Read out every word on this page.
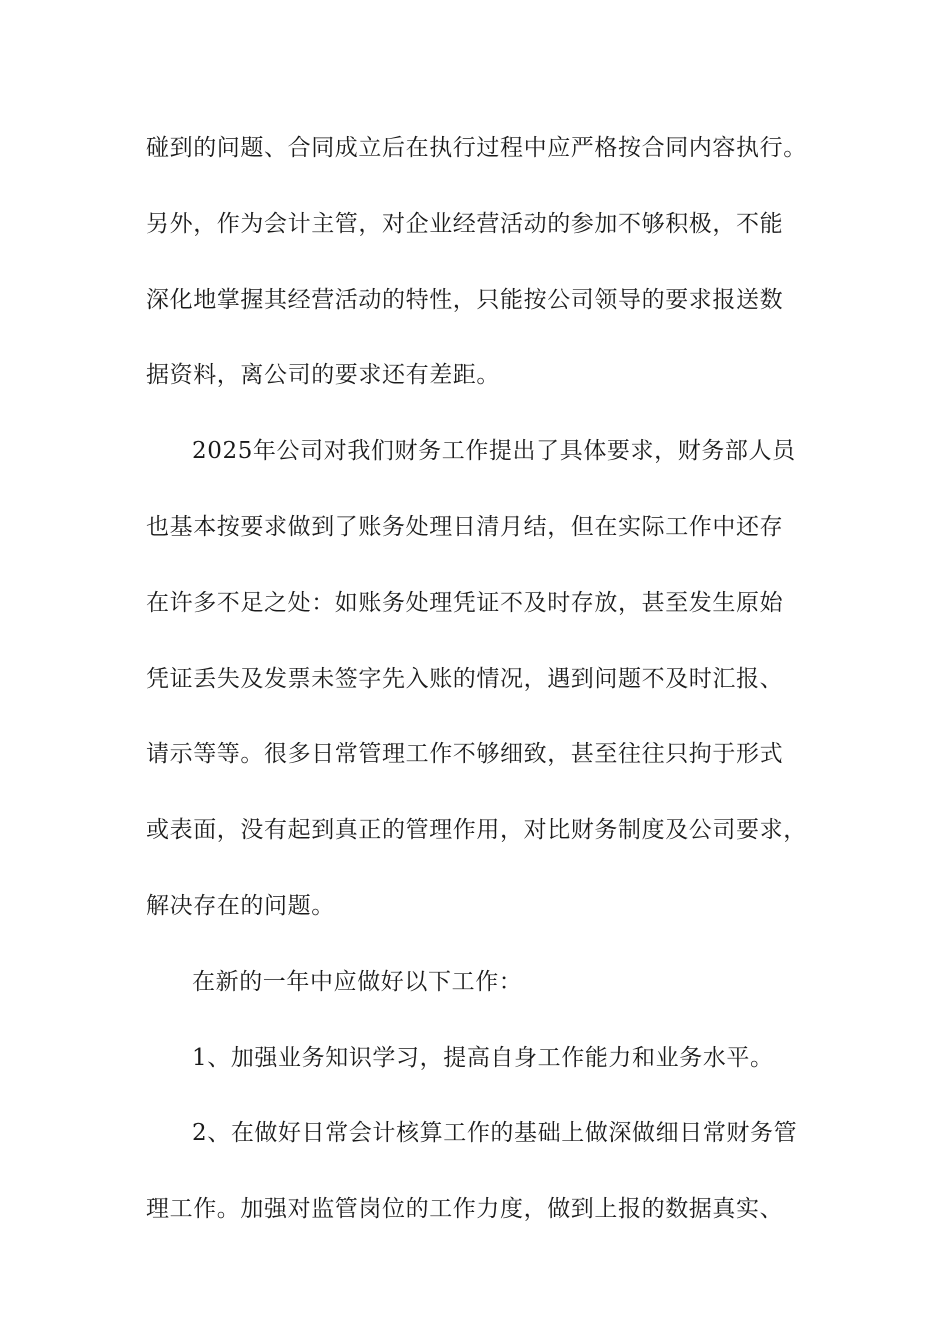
碰到的问题、合同成立后在执行过程中应严格按合同内容执行。
另外，作为会计主管，对企业经营活动的参加不够积极，不能
深化地掌握其经营活动的特性，只能按公司领导的要求报送数
据资料，离公司的要求还有差距。
2025年公司对我们财务工作提出了具体要求，财务部人员
也基本按要求做到了账务处理日清月结，但在实际工作中还存
在许多不足之处：如账务处理凭证不及时存放，甚至发生原始
凭证丢失及发票未签字先入账的情况，遇到问题不及时汇报、
请示等等。很多日常管理工作不够细致，甚至往往只拘于形式
或表面，没有起到真正的管理作用，对比财务制度及公司要求，
解决存在的问题。
在新的一年中应做好以下工作：
1、加强业务知识学习，提高自身工作能力和业务水平。
2、在做好日常会计核算工作的基础上做深做细日常财务管
理工作。加强对监管岗位的工作力度，做到上报的数据真实、
